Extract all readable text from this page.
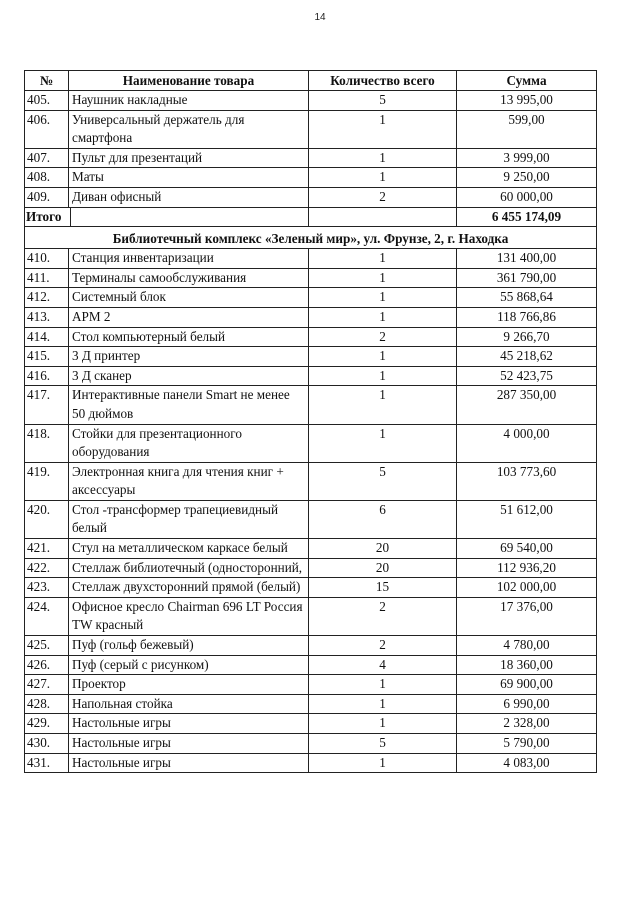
14
№	Наименование товара	Количество всего	Сумма
405.	Наушник накладные	5	13 995,00
406.	Универсальный держатель для смартфона	1	599,00
407.	Пульт для презентаций	1	3 999,00
408.	Маты	1	9 250,00
409.	Диван офисный	2	60 000,00

Итого			6 455 174,09
Библиотечный комплекс «Зеленый мир», ул. Фрунзе, 2, г. Находка			
410.	Станция инвентаризации	1	131 400,00
411.	Терминалы самообслуживания	1	361 790,00
412.	Системный блок	1	55 868,64
413.	АРМ 2	1	118 766,86
414.	Стол компьютерный белый	2	9 266,70
415.	3 Д принтер	1	45 218,62
416.	3 Д сканер	1	52 423,75
417.	Интерактивные панели Smart не менее 50 дюймов	1	287 350,00
418.	Стойки для презентационного оборудования	1	4 000,00
419.	Электронная книга для чтения книг + аксессуары	5	103 773,60
420.	Стол -трансформер трапециевидный белый	6	51 612,00
421.	Стул на металлическом каркасе белый	20	69 540,00
422.	Стеллаж библиотечный (односторонний,	20	112 936,20
423.	Стеллаж двухсторонний прямой (белый)	15	102 000,00
424.	Офисное кресло Chairman 696 LT Россия TW красный	2	17 376,00
425.	Пуф (гольф бежевый)	2	4 780,00
426.	Пуф (серый с рисунком)	4	18 360,00
427.	Проектор	1	69 900,00
428.	Напольная стойка	1	6 990,00
429.	Настольные игры	1	2 328,00
430.	Настольные игры	5	5 790,00
431.	Настольные игры	1	4 083,00
